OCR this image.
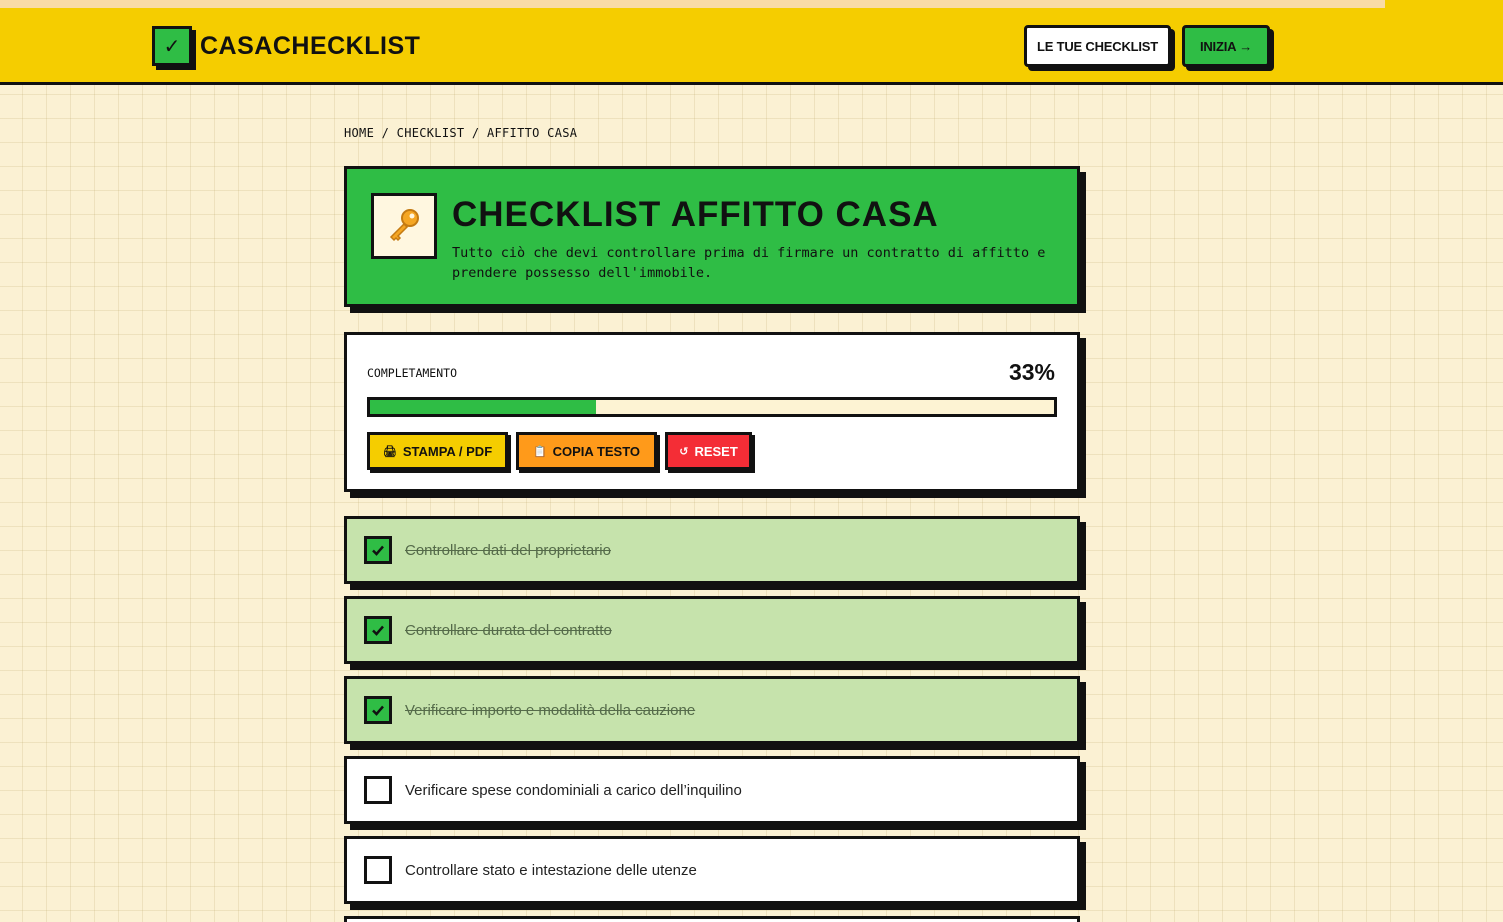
✓ CASACHECKLIST	LE TUE CHECKLIST	INIZIA →
HOME / CHECKLIST / AFFITTO CASA
CHECKLIST AFFITTO CASA

Tutto ciò che devi controllare prima di firmare un contratto di affitto e prendere possesso dell'immobile.

COMPLETAMENTO	33%
🖨 STAMPA / PDF	📋 COPIA TESTO	↺ RESET
Controllare dati del proprietario
Controllare durata del contratto
Verificare importo e modalità della cauzione
Verificare spese condominiali a carico dell’inquilino
Controllare stato e intestazione delle utenze
